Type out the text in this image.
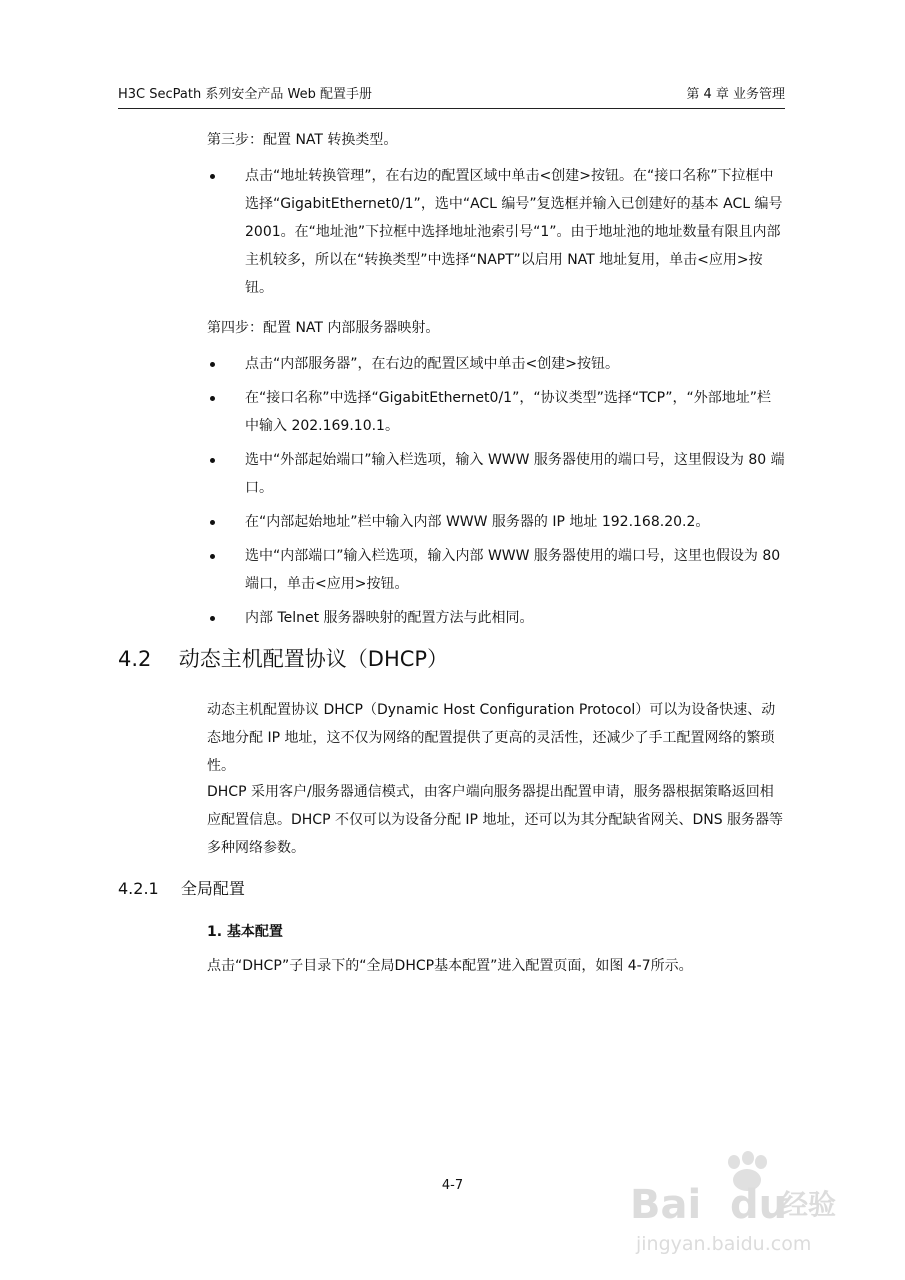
H3C SecPath 系列安全产品 Web 配置手册	第 4 章 业务管理
第三步：配置 NAT 转换类型。
点击“地址转换管理”，在右边的配置区域中单击<创建>按钮。在“接口名称”下拉框中选择“GigabitEthernet0/1”，选中“ACL 编号”复选框并输入已创建好的基本 ACL 编号 2001。在“地址池”下拉框中选择地址池索引号“1”。由于地址池的地址数量有限且内部主机较多，所以在“转换类型”中选择“NAPT”以启用 NAT 地址复用，单击<应用>按钮。
第四步：配置 NAT 内部服务器映射。
点击“内部服务器”，在右边的配置区域中单击<创建>按钮。
在“接口名称”中选择“GigabitEthernet0/1”，“协议类型”选择“TCP”，“外部地址”栏中输入 202.169.10.1。
选中“外部起始端口”输入栏选项，输入 WWW 服务器使用的端口号，这里假设为 80 端口。
在“内部起始地址”栏中输入内部 WWW 服务器的 IP 地址 192.168.20.2。
选中“内部端口”输入栏选项，输入内部 WWW 服务器使用的端口号，这里也假设为 80 端口，单击<应用>按钮。
内部 Telnet 服务器映射的配置方法与此相同。
4.2 动态主机配置协议（DHCP）
动态主机配置协议 DHCP（Dynamic Host Configuration Protocol）可以为设备快速、动态地分配 IP 地址，这不仅为网络的配置提供了更高的灵活性，还减少了手工配置网络的繁琐性。
DHCP 采用客户/服务器通信模式，由客户端向服务器提出配置申请，服务器根据策略返回相应配置信息。DHCP 不仅可以为设备分配 IP 地址，还可以为其分配缺省网关、DNS 服务器等多种网络参数。
4.2.1 全局配置
1. 基本配置
点击“DHCP”子目录下的“全局DHCP基本配置”进入配置页面，如图 4-7所示。
4-7	Bai du
经验
jingyan.baidu.com
